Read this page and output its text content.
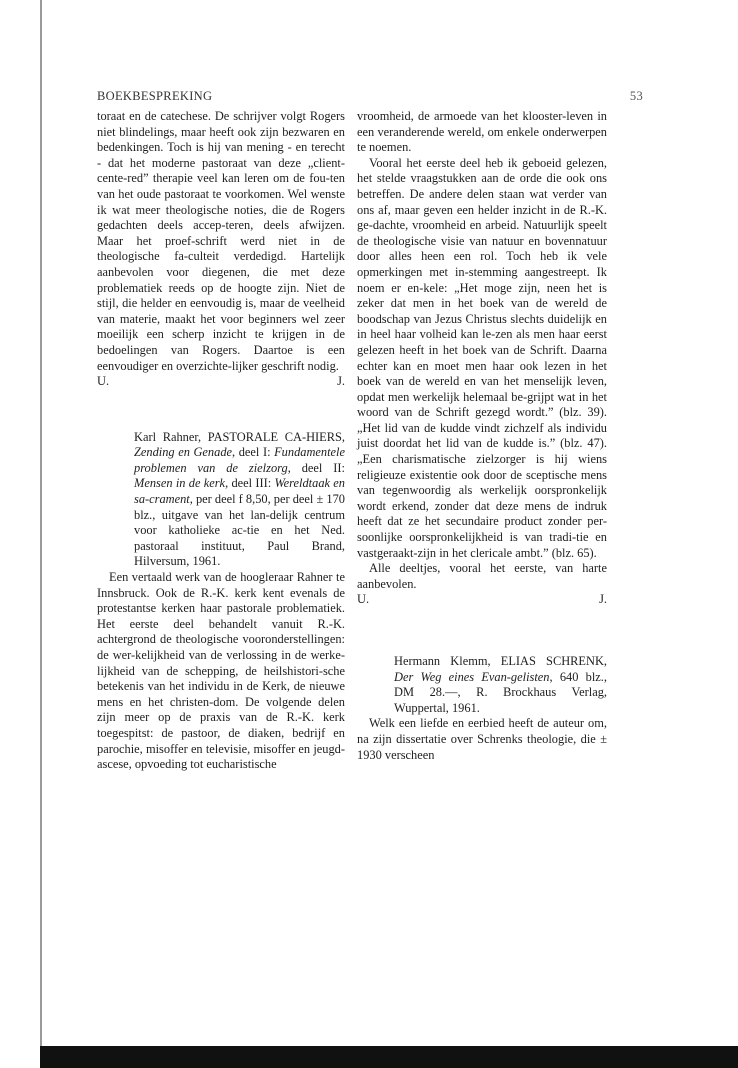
BOEKBESPREKING	53

toraat en de catechese. De schrijver volgt Rogers niet blindelings, maar heeft ook zijn bezwaren en bedenkingen. Toch is hij van mening - en terecht - dat het moderne pastoraat van deze „client-cente-red” therapie veel kan leren om de fou-ten van het oude pastoraat te voorkomen. Wel wenste ik wat meer theologische noties, die de Rogers gedachten deels accep-teren, deels afwijzen. Maar het proef-schrift werd niet in de theologische fa-culteit verdedigd. Hartelijk aanbevolen voor diegenen, die met deze problematiek reeds op de hoogte zijn. Niet de stijl, die helder en eenvoudig is, maar de veelheid van materie, maakt het voor beginners wel zeer moeilijk een scherp inzicht te krijgen in de bedoelingen van Rogers. Daartoe is een eenvoudiger en overzichte-lijker geschrift nodig.

U.	J.

Karl Rahner, PASTORALE CA-HIERS, Zending en Genade, deel I: Fundamentele problemen van de zielzorg, deel II: Mensen in de kerk, deel III: Wereldtaak en sa-crament, per deel f 8,50, per deel ± 170 blz., uitgave van het lan-delijk centrum voor katholieke ac-tie en het Ned. pastoraal instituut, Paul Brand, Hilversum, 1961.

Een vertaald werk van de hoogleraar Rahner te Innsbruck. Ook de R.-K. kerk kent evenals de protestantse kerken haar pastorale problematiek. Het eerste deel behandelt vanuit R.-K. achtergrond de theologische vooronderstellingen: de wer-kelijkheid van de verlossing in de werke-lijkheid van de schepping, de heilshistori-sche betekenis van het individu in de Kerk, de nieuwe mens en het christen-dom. De volgende delen zijn meer op de praxis van de R.-K. kerk toegespitst: de pastoor, de diaken, bedrijf en parochie, misoffer en televisie, misoffer en jeugd-ascese, opvoeding tot eucharistische

vroomheid, de armoede van het klooster-leven in een veranderende wereld, om enkele onderwerpen te noemen.

Vooral het eerste deel heb ik geboeid gelezen, het stelde vraagstukken aan de orde die ook ons betreffen. De andere delen staan wat verder van ons af, maar geven een helder inzicht in de R.-K. ge-dachte, vroomheid en arbeid. Natuurlijk speelt de theologische visie van natuur en bovennatuur door alles heen een rol. Toch heb ik vele opmerkingen met in-stemming aangestreept. Ik noem er en-kele: „Het moge zijn, neen het is zeker dat men in het boek van de wereld de boodschap van Jezus Christus slechts duidelijk en in heel haar volheid kan le-zen als men haar eerst gelezen heeft in het boek van de Schrift. Daarna echter kan en moet men haar ook lezen in het boek van de wereld en van het menselijk leven, opdat men werkelijk helemaal be-grijpt wat in het woord van de Schrift gezegd wordt.” (blz. 39). „Het lid van de kudde vindt zichzelf als individu juist doordat het lid van de kudde is.” (blz. 47). „Een charismatische zielzorger is hij wiens religieuze existentie ook door de sceptische mens van tegenwoordig als werkelijk oorspronkelijk wordt erkend, zonder dat deze mens de indruk heeft dat ze het secundaire product zonder per-soonlijke oorspronkelijkheid is van tradi-tie en vastgeraakt-zijn in het clericale ambt.” (blz. 65).

Alle deeltjes, vooral het eerste, van harte aanbevolen.

U.	J.

Hermann Klemm, ELIAS SCHRENK, Der Weg eines Evan-gelisten, 640 blz., DM 28.—, R. Brockhaus Verlag, Wuppertal, 1961.

Welk een liefde en eerbied heeft de auteur om, na zijn dissertatie over Schrenks theologie, die ± 1930 verscheen
